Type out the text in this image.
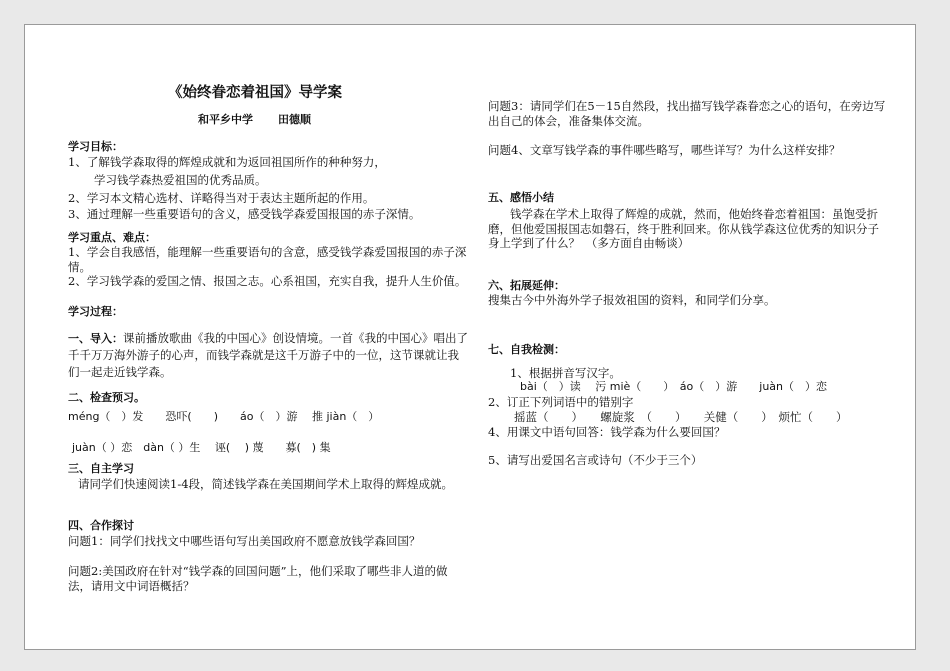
《始终眷恋着祖国》导学案
和平乡中学 田德顺
学习目标：
1、了解钱学森取得的辉煌成就和为返回祖国所作的种种努力，
学习钱学森热爱祖国的优秀品质。
2、学习本文精心选材、详略得当对于表达主题所起的作用。
3、通过理解一些重要语句的含义，感受钱学森爱国报国的赤子深情。
学习重点、难点：
1、学会自我感悟，能理解一些重要语句的含意，感受钱学森爱国报国的赤子深情。
2、学习钱学森的爱国之情、报国之志。心系祖国，充实自我，提升人生价值。
学习过程：
一、导入：课前播放歌曲《我的中国心》创设情境。一首《我的中国心》唱出了千千万万海外游子的心声，而钱学森就是这千万游子中的一位，这节课就让我们一起走近钱学森。
二、检查预习。
méng（　）发　　恐吓(　　)　　áo（　）游　 推 jiàn（　）
juàn（ ）恋　dàn（ ）生　 诬(　 ) 蔑　　募(　) 集
三、自主学习
请同学们快速阅读1-4段，简述钱学森在美国期间学术上取得的辉煌成就。
四、合作探讨
问题1：同学们找找文中哪些语句写出美国政府不愿意放钱学森回国？
问题2:美国政府在针对“钱学森的回国问题”上，他们采取了哪些非人道的做法，请用文中词语概括？
问题3：请同学们在5－15自然段，找出描写钱学森眷恋之心的语句，在旁边写出自己的体会，准备集体交流。
问题4、文章写钱学森的事件哪些略写，哪些详写？为什么这样安排？
五、感悟小结
钱学森在学术上取得了辉煌的成就，然而，他始终眷恋着祖国：虽饱受折磨，但他爱国报国志如磐石，终于胜利回来。你从钱学森这位优秀的知识分子身上学到了什么？　（多方面自由畅谈）
六、拓展延伸：
搜集古今中外海外学子报效祖国的资料，和同学们分享。
七、自我检测：
1、根据拼音写汉字。
bài（　）读　 污 miè（　　）　áo（　）游　　juàn（　）恋
2、订正下列词语中的错别字
摇蓝（　　）　　螺旋浆　（　　）　　关健（　　）　烦忙（　　）
4、用课文中语句回答：钱学森为什么要回国？
5、请写出爱国名言或诗句（不少于三个）
